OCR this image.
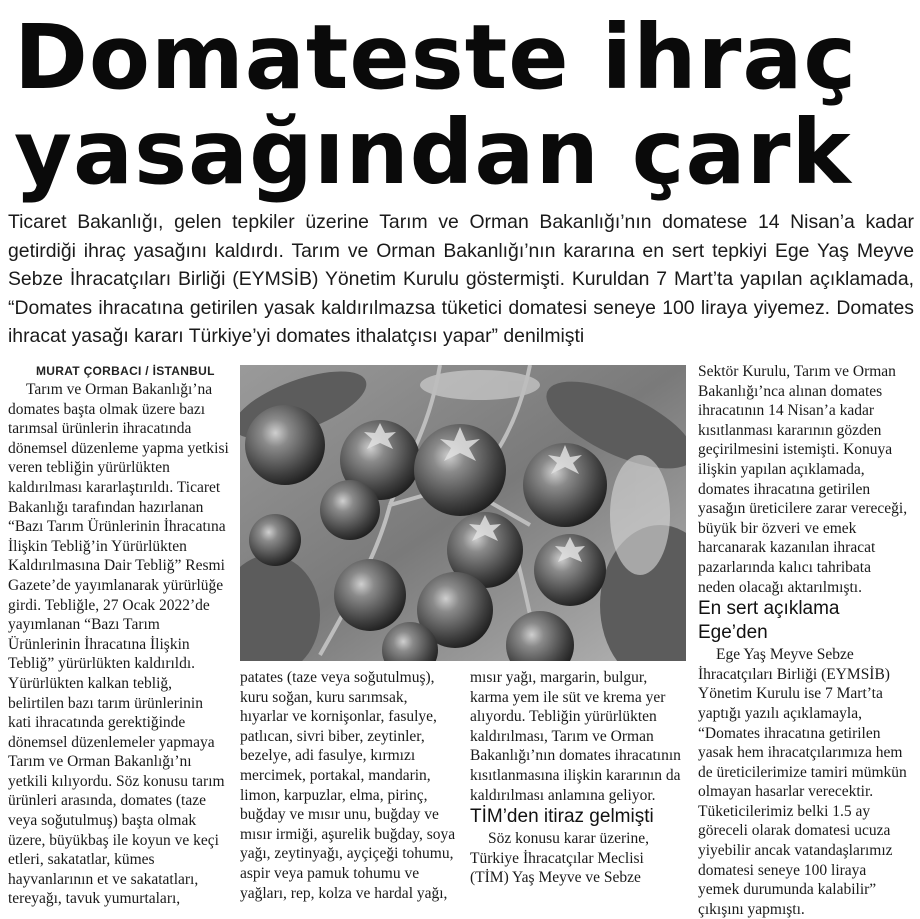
Domateste ihraç
yasağından çark
Ticaret Bakanlığı, gelen tepkiler üzerine Tarım ve Orman Bakanlığı’nın domatese 14 Nisan’a kadar getirdiği ihraç yasağını kaldırdı. Tarım ve Orman Bakanlığı’nın kararına en sert tepkiyi Ege Yaş Meyve Sebze İhracatçıları Birliği (EYMSİB) Yönetim Kurulu göstermişti. Kuruldan 7 Mart’ta yapılan açıklamada, “Domates ihracatına getirilen yasak kaldırılmazsa tüketici domatesi seneye 100 liraya yiyemez. Domates ihracat yasağı kararı Türkiye’yi domates ithalatçısı yapar” denilmişti
MURAT ÇORBACI / İSTANBUL

Tarım ve Orman Bakanlığı’na domates başta olmak üzere bazı tarımsal ürünlerin ihracatında dönemsel düzenleme yapma yetkisi veren tebliğin yürürlükten kaldırılması kararlaştırıldı. Ticaret Bakanlığı tarafından hazırlanan “Bazı Tarım Ürünlerinin İhracatına İlişkin Tebliğ’in Yürürlükten Kaldırılmasına Dair Tebliğ” Resmi Gazete’de yayımlanarak yürürlüğe girdi. Tebliğle, 27 Ocak 2022’de yayımlanan “Bazı Tarım Ürünlerinin İhracatına İlişkin Tebliğ” yürürlükten kaldırıldı. Yürürlükten kalkan tebliğ, belirtilen bazı tarım ürünlerinin kati ihracatında gerektiğinde dönemsel düzenlemeler yapmaya Tarım ve Orman Bakanlığı’nı yetkili kılıyordu. Söz konusu tarım ürünleri arasında, domates (taze veya soğutulmuş) başta olmak üzere, büyükbaş ile koyun ve keçi etleri, sakatatlar, kümes hayvanlarının et ve sakatatları, tereyağı, tavuk yumurtaları,

patates (taze veya soğutulmuş), kuru soğan, kuru sarımsak, hıyarlar ve kornişonlar, fasulye, patlıcan, sivri biber, zeytinler, bezelye, adi fasulye, kırmızı mercimek, portakal, mandarin, limon, karpuzlar, elma, pirinç, buğday ve mısır unu, buğday ve mısır irmiği, aşurelik buğday, soya yağı, zeytinyağı, ayçiçeği tohumu, aspir veya pamuk tohumu ve yağları, rep, kolza ve hardal yağı,

mısır yağı, margarin, bulgur, karma yem ile süt ve krema yer alıyordu. Tebliğin yürürlükten kaldırılması, Tarım ve Orman Bakanlığı’nın domates ihracatının kısıtlanmasına ilişkin kararının da kaldırılması anlamına geliyor.

TİM’den itiraz gelmişti

Söz konusu karar üzerine, Türkiye İhracatçılar Meclisi (TİM) Yaş Meyve ve Sebze

Sektör Kurulu, Tarım ve Orman Bakanlığı’nca alınan domates ihracatının 14 Nisan’a kadar kısıtlanması kararının gözden geçirilmesini istemişti. Konuya ilişkin yapılan açıklamada, domates ihracatına getirilen yasağın üreticilere zarar vereceği, büyük bir özveri ve emek harcanarak kazanılan ihracat pazarlarında kalıcı tahribata neden olacağı aktarılmıştı.

En sert açıklama Ege’den

Ege Yaş Meyve Sebze İhracatçıları Birliği (EYMSİB) Yönetim Kurulu ise 7 Mart’ta yaptığı yazılı açıklamayla, “Domates ihracatına getirilen yasak hem ihracatçılarımıza hem de üreticilerimize tamiri mümkün olmayan hasarlar verecektir. Tüketicilerimiz belki 1.5 ay göreceli olarak domatesi ucuza yiyebilir ancak vatandaşlarımız domatesi seneye 100 liraya yemek durumunda kalabilir” çıkışını yapmıştı.
